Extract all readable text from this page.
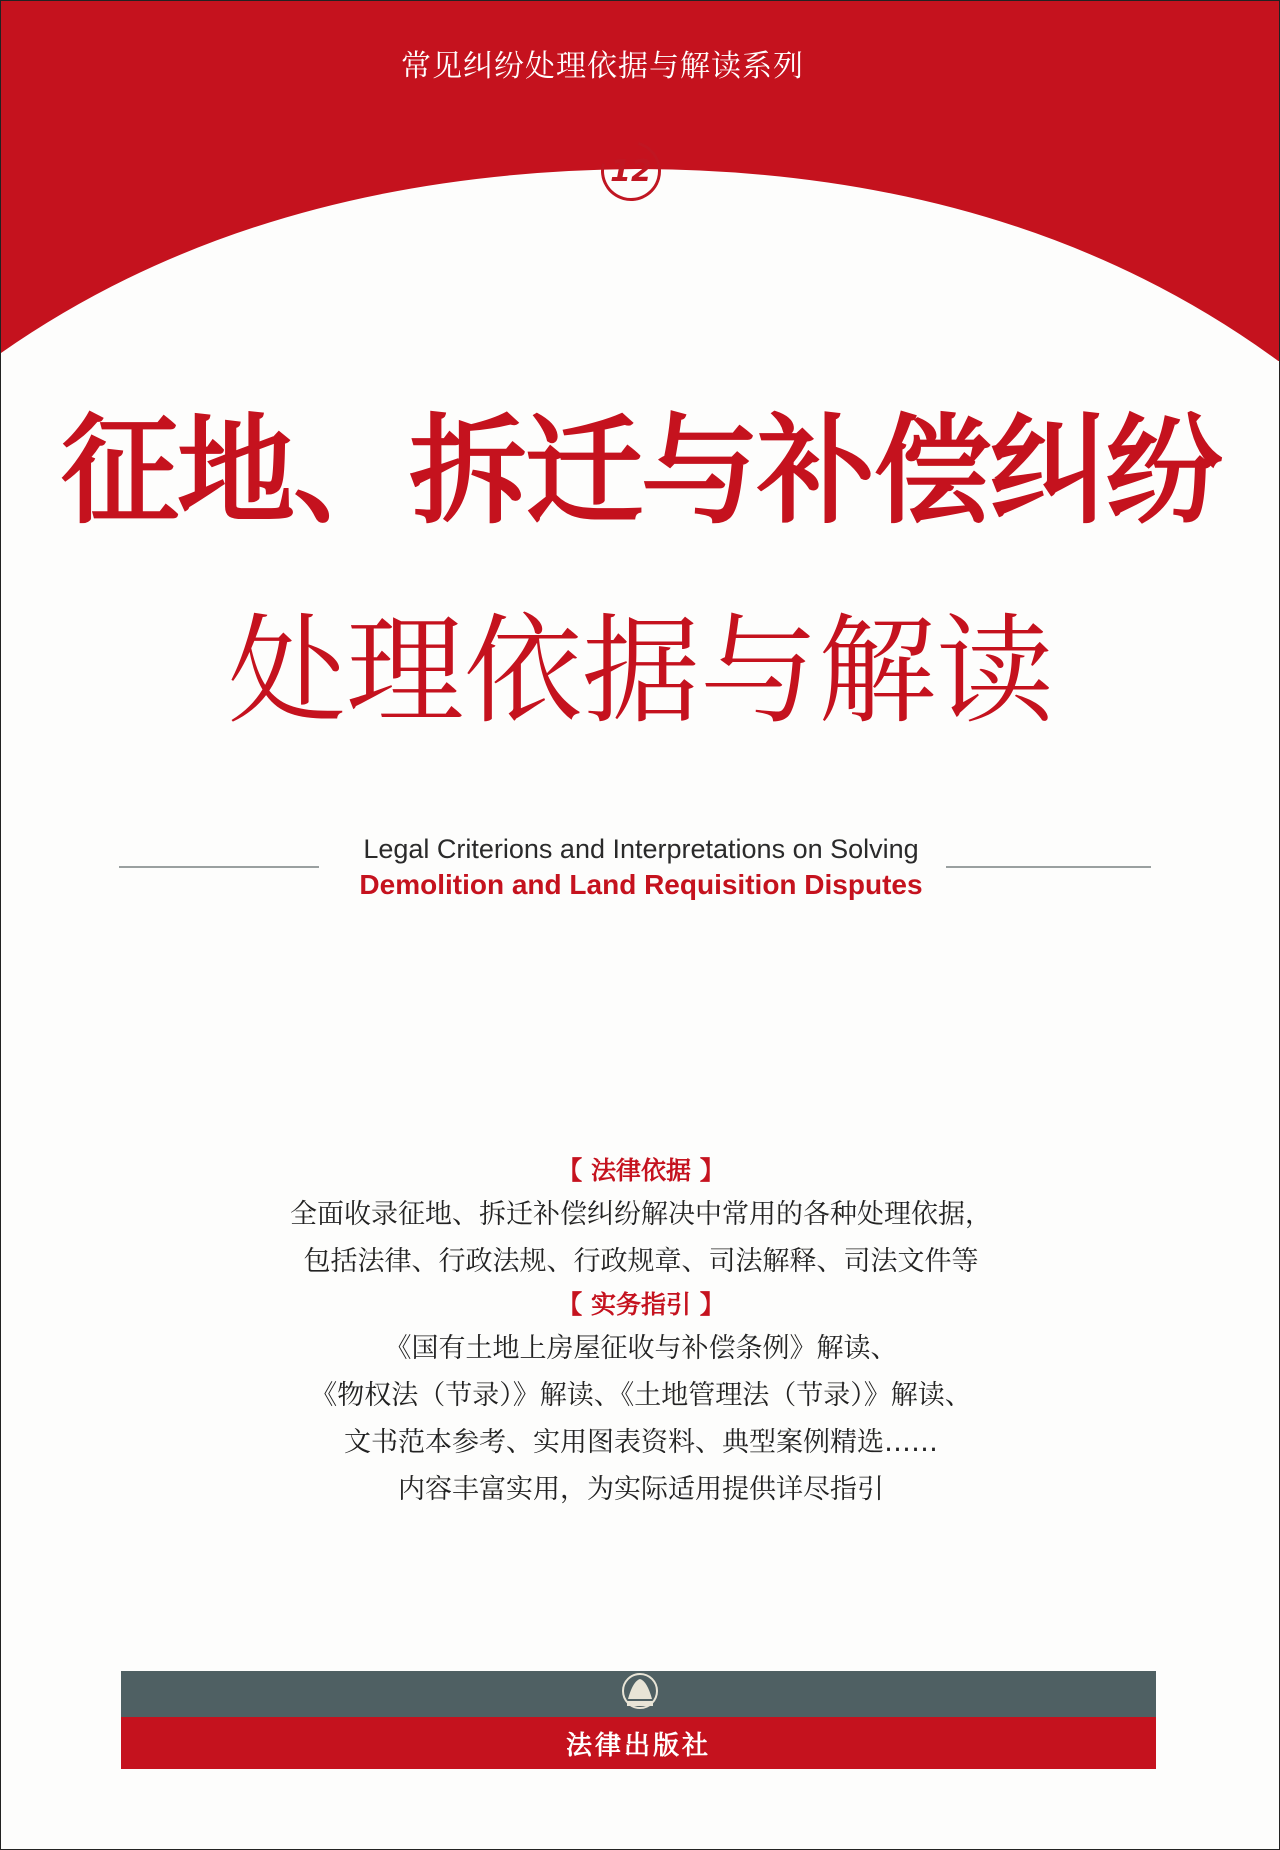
常见纠纷处理依据与解读系列
12
征地、拆迁与补偿纠纷
处理依据与解读
Legal Criterions and Interpretations on Solving
Demolition and Land Requisition Disputes
【 法律依据 】
全面收录征地、拆迁补偿纠纷解决中常用的各种处理依据，
包括法律、行政法规、行政规章、司法解释、司法文件等
【 实务指引 】
《国有土地上房屋征收与补偿条例》解读、
《物权法（节录）》解读、《土地管理法（节录）》解读、
文书范本参考、实用图表资料、典型案例精选……
内容丰富实用，为实际适用提供详尽指引
法律出版社
